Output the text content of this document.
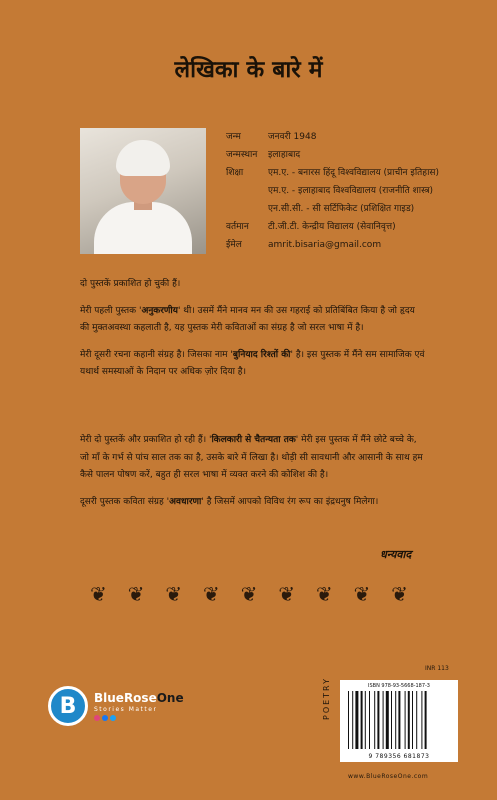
लेखिका के बारे में
जन्म	जनवरी 1948
जन्मस्थान इलाहाबाद
शिक्षा	एम.ए. - बनारस हिंदू विश्वविद्यालय (प्राचीन इतिहास)
एम.ए. - इलाहाबाद विश्वविद्यालय (राजनीति शास्त्र)
एन.सी.सी. - सी सर्टिफिकेट (प्रशिक्षित गाइड)
वर्तमान टी.जी.टी. केन्द्रीय विद्यालय (सेवानिवृत्त)
ईमेल	amrit.bisaria@gmail.com

दो पुस्तकें प्रकाशित हो चुकी हैं।

मेरी पहली पुस्तक 'अनुकरणीय' थी। उसमें मैंने मानव मन की उस गहराई को प्रतिबिंबित किया है जो हृदय की मुक्तअवस्था कहलाती है, यह पुस्तक मेरी कविताओं का संग्रह है जो सरल भाषा में है।

मेरी दूसरी रचना कहानी संग्रह है। जिसका नाम 'बुनियाद रिश्तों की' है। इस पुस्तक में मैंने सम सामाजिक एवं यथार्थ समस्याओं के निदान पर अधिक ज़ोर दिया है।

मेरी दो पुस्तकें और प्रकाशित हो रही हैं। 'किलकारी से चैतन्यता तक' मेरी इस पुस्तक में मैंने छोटे बच्चे के, जो माँ के गर्भ से पांच साल तक का है, उसके बारे में लिखा है। थोड़ी सी सावधानी और आसानी के साथ हम कैसे पालन पोषण करें, बहुत ही सरल भाषा में व्यक्त करने की कोशिश की है।

दूसरी पुस्तक कविता संग्रह 'अवधारणा' है जिसमें आपको विविध रंग रूप का इंद्रधनुष मिलेगा।

धन्यवाद
❦ ❦ ❦ ❦ ❦ ❦ ❦ ❦ ❦
B	BlueRoseOne
Stories Matter	POETRY
INR 113
ISBN 978-93-5668-187-3
9 789356 681873
www.BlueRoseOne.com
